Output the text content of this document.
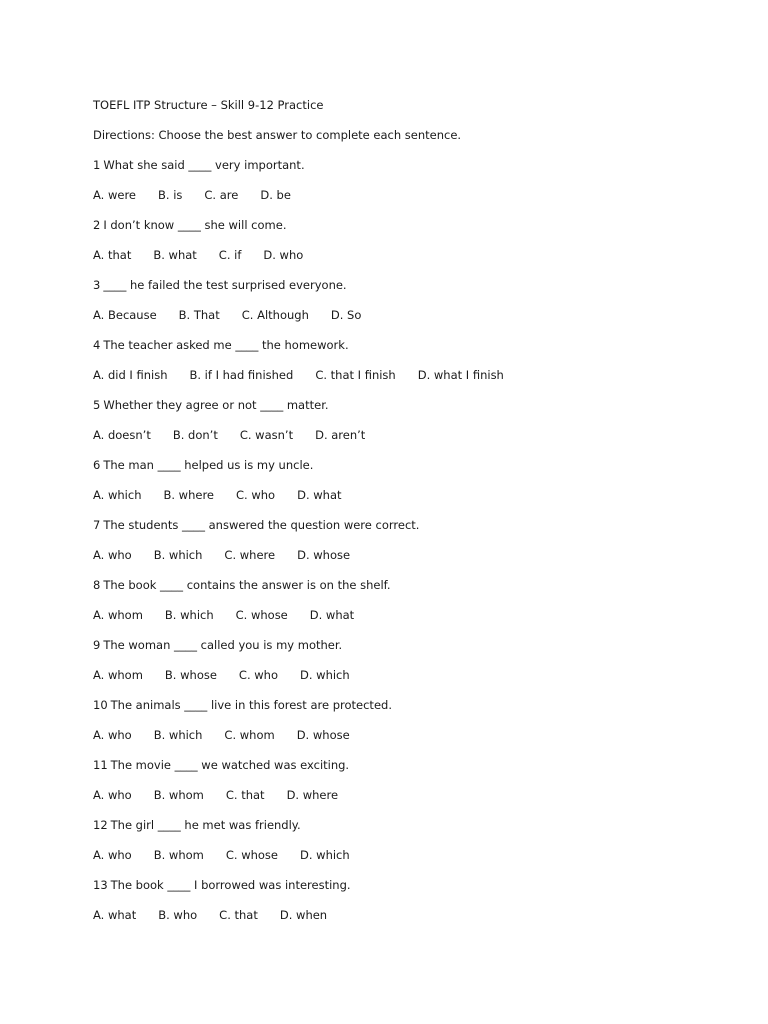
TOEFL ITP Structure – Skill 9-12 Practice
Directions: Choose the best answer to complete each sentence.
1 What she said ____ very important.
A. were B. is C. are D. be
2 I don’t know ____ she will come.
A. that B. what C. if D. who
3 ____ he failed the test surprised everyone.
A. Because B. That C. Although D. So
4 The teacher asked me ____ the homework.
A. did I finish B. if I had finished C. that I finish D. what I finish
5 Whether they agree or not ____ matter.
A. doesn’t B. don’t C. wasn’t D. aren’t
6 The man ____ helped us is my uncle.
A. which B. where C. who D. what
7 The students ____ answered the question were correct.
A. who B. which C. where D. whose
8 The book ____ contains the answer is on the shelf.
A. whom B. which C. whose D. what
9 The woman ____ called you is my mother.
A. whom B. whose C. who D. which
10 The animals ____ live in this forest are protected.
A. who B. which C. whom D. whose
11 The movie ____ we watched was exciting.
A. who B. whom C. that D. where
12 The girl ____ he met was friendly.
A. who B. whom C. whose D. which
13 The book ____ I borrowed was interesting.
A. what B. who C. that D. when
